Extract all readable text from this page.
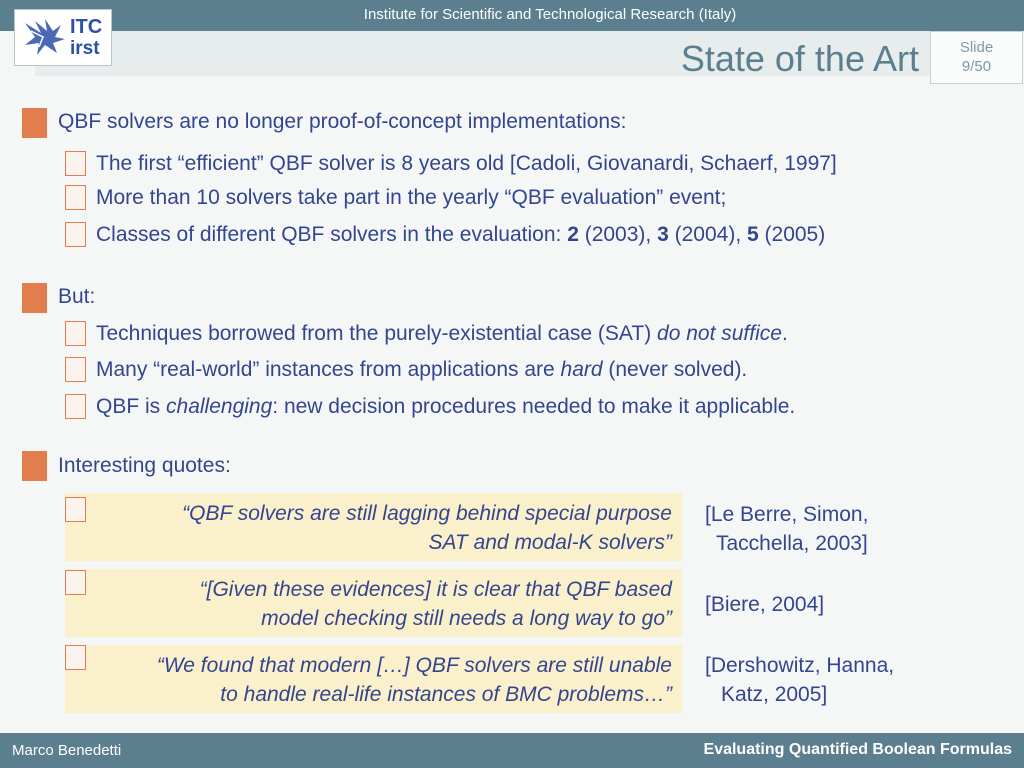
Institute for Scientific and Technological Research (Italy)
State of the Art
ITC
irst	Slide
9/50
QBF solvers are no longer proof-of-concept implementations:
The first “efficient” QBF solver is 8 years old [Cadoli, Giovanardi, Schaerf, 1997]
More than 10 solvers take part in the yearly “QBF evaluation” event;
Classes of different QBF solvers in the evaluation: 2 (2003), 3 (2004), 5 (2005)
But:
Techniques borrowed from the purely-existential case (SAT) do not suffice.
Many “real-world” instances from applications are hard (never solved).
QBF is challenging: new decision procedures needed to make it applicable.
Interesting quotes:
“QBF solvers are still lagging behind special purpose
SAT and modal-K solvers”
[Le Berre, Simon,
Tacchella, 2003]
“[Given these evidences] it is clear that QBF based
model checking still needs a long way to go”
[Biere, 2004]
“We found that modern […] QBF solvers are still unable
to handle real-life instances of BMC problems…”
[Dershowitz, Hanna,
Katz, 2005]
Marco Benedetti	Evaluating Quantified Boolean Formulas
